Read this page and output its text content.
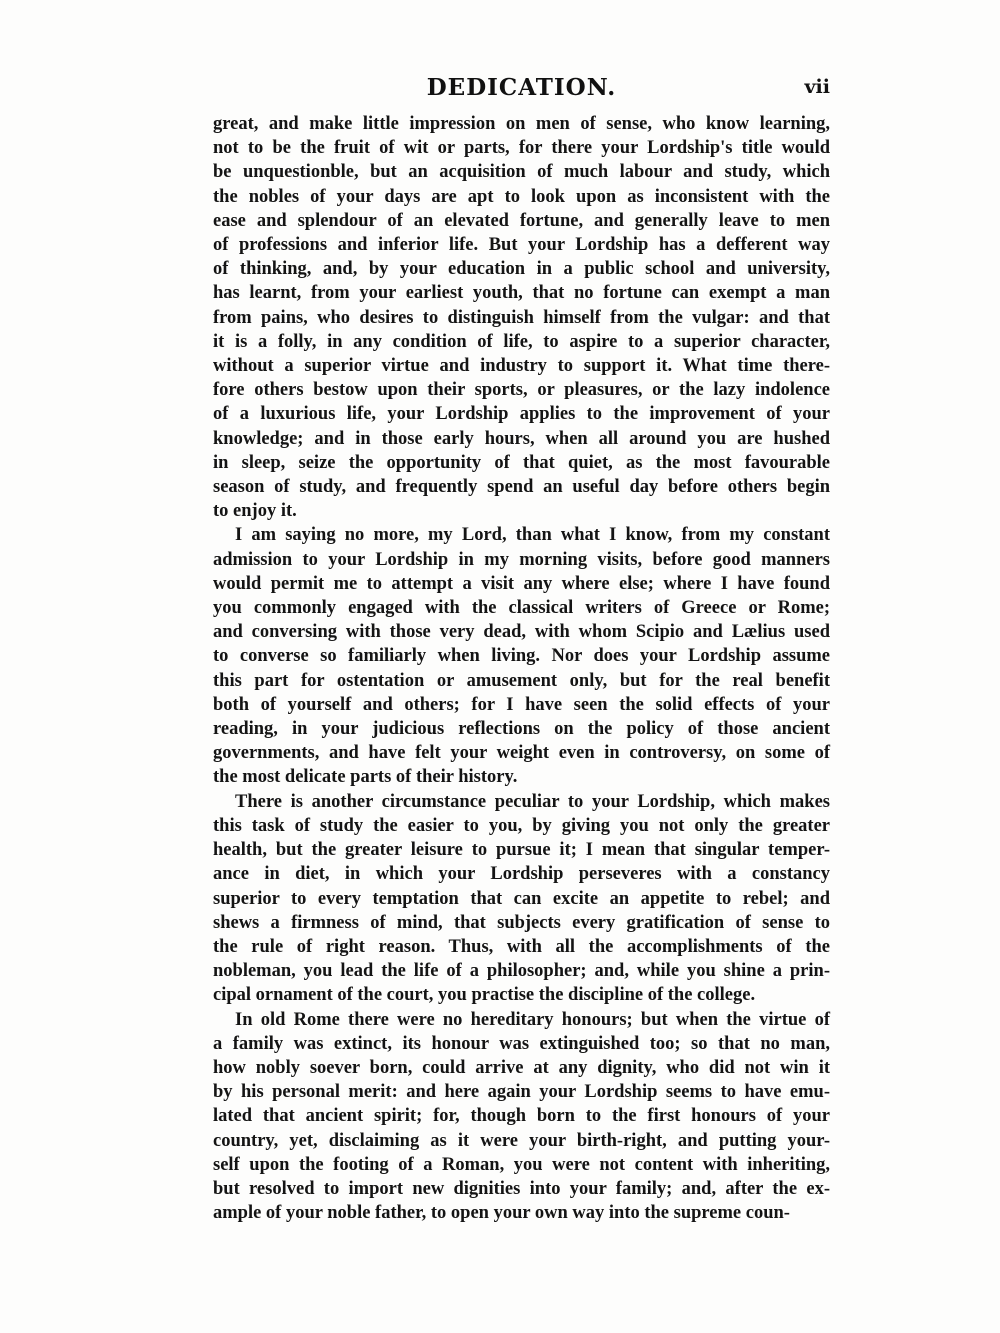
DEDICATION.	vii
great, and make little impression on men of sense, who know learning,
not to be the fruit of wit or parts, for there your Lordship's title would
be unquestionble, but an acquisition of much labour and study, which
the nobles of your days are apt to look upon as inconsistent with the
ease and splendour of an elevated fortune, and generally leave to men
of professions and inferior life. But your Lordship has a defferent way
of thinking, and, by your education in a public school and university,
has learnt, from your earliest youth, that no fortune can exempt a man
from pains, who desires to distinguish himself from the vulgar: and that
it is a folly, in any condition of life, to aspire to a superior character,
without a superior virtue and industry to support it. What time there-
fore others bestow upon their sports, or pleasures, or the lazy indolence
of a luxurious life, your Lordship applies to the improvement of your
knowledge; and in those early hours, when all around you are hushed
in sleep, seize the opportunity of that quiet, as the most favourable
season of study, and frequently spend an useful day before others begin
to enjoy it.
I am saying no more, my Lord, than what I know, from my constant
admission to your Lordship in my morning visits, before good manners
would permit me to attempt a visit any where else; where I have found
you commonly engaged with the classical writers of Greece or Rome;
and conversing with those very dead, with whom Scipio and Lælius used
to converse so familiarly when living. Nor does your Lordship assume
this part for ostentation or amusement only, but for the real benefit
both of yourself and others; for I have seen the solid effects of your
reading, in your judicious reflections on the policy of those ancient
governments, and have felt your weight even in controversy, on some of
the most delicate parts of their history.
There is another circumstance peculiar to your Lordship, which makes
this task of study the easier to you, by giving you not only the greater
health, but the greater leisure to pursue it; I mean that singular temper-
ance in diet, in which your Lordship perseveres with a constancy
superior to every temptation that can excite an appetite to rebel; and
shews a firmness of mind, that subjects every gratification of sense to
the rule of right reason. Thus, with all the accomplishments of the
nobleman, you lead the life of a philosopher; and, while you shine a prin-
cipal ornament of the court, you practise the discipline of the college.
In old Rome there were no hereditary honours; but when the virtue of
a family was extinct, its honour was extinguished too; so that no man,
how nobly soever born, could arrive at any dignity, who did not win it
by his personal merit: and here again your Lordship seems to have emu-
lated that ancient spirit; for, though born to the first honours of your
country, yet, disclaiming as it were your birth-right, and putting your-
self upon the footing of a Roman, you were not content with inheriting,
but resolved to import new dignities into your family; and, after the ex-
ample of your noble father, to open your own way into the supreme coun-
